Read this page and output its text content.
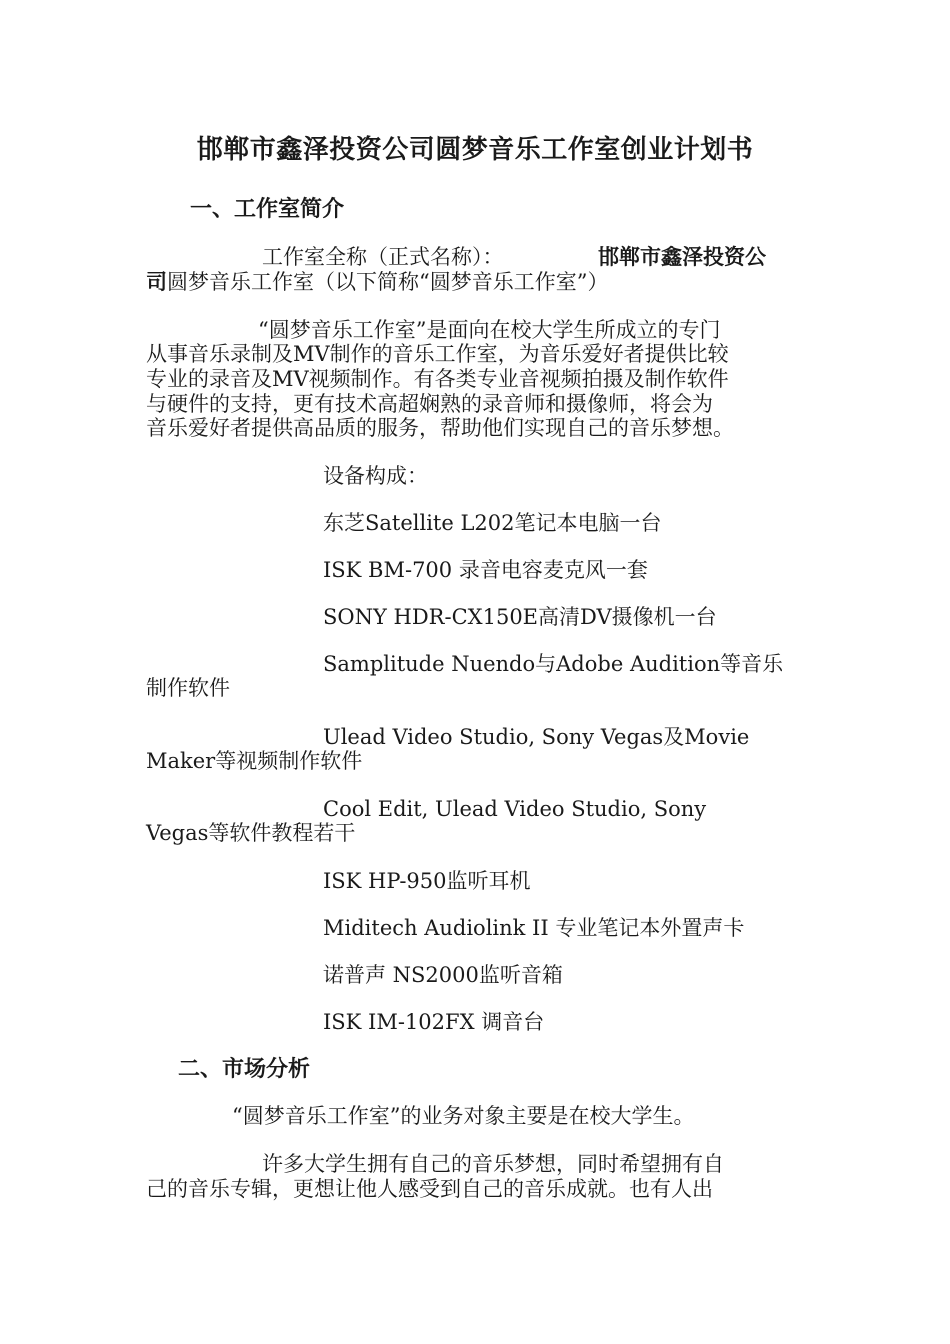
邯郸市鑫泽投资公司圆梦音乐工作室创业计划书
一、工作室简介
工作室全称（正式名称）：	邯郸市鑫泽投资公
司圆梦音乐工作室（以下简称“圆梦音乐工作室”）
“圆梦音乐工作室”是面向在校大学生所成立的专门
从事音乐录制及MV制作的音乐工作室，为音乐爱好者提供比较
专业的录音及MV视频制作。有各类专业音视频拍摄及制作软件
与硬件的支持，更有技术高超娴熟的录音师和摄像师，将会为
音乐爱好者提供高品质的服务，帮助他们实现自己的音乐梦想。
设备构成：
东芝Satellite L202笔记本电脑一台
ISK BM-700 录音电容麦克风一套
SONY HDR-CX150E高清DV摄像机一台
Samplitude Nuendo与Adobe Audition等音乐
制作软件
Ulead Video Studio, Sony Vegas及Movie
Maker等视频制作软件
Cool Edit, Ulead Video Studio, Sony
Vegas等软件教程若干
ISK HP-950监听耳机
Miditech Audiolink II 专业笔记本外置声卡
诺普声 NS2000监听音箱
ISK IM-102FX 调音台
二、市场分析
“圆梦音乐工作室”的业务对象主要是在校大学生。
许多大学生拥有自己的音乐梦想，同时希望拥有自
己的音乐专辑，更想让他人感受到自己的音乐成就。也有人出
